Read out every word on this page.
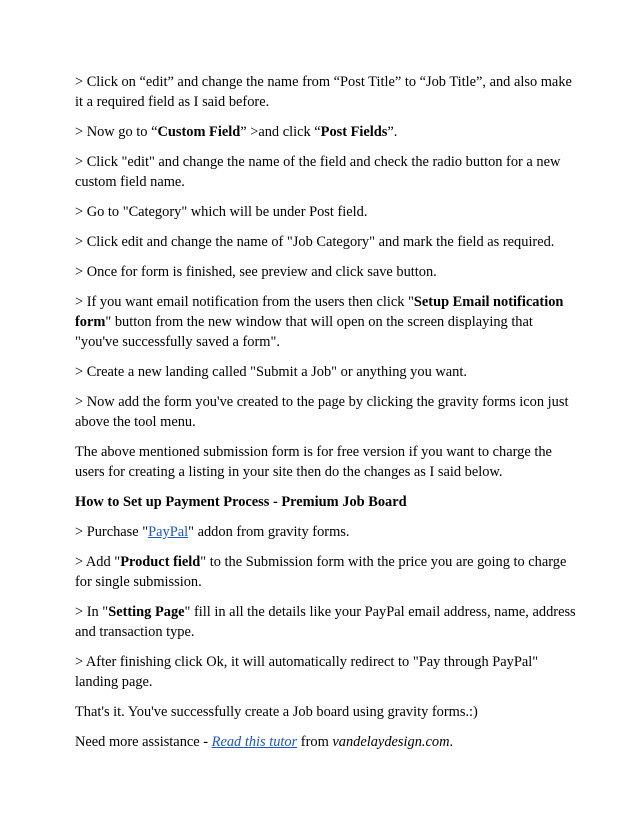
> Click on “edit” and change the name from “Post Title” to “Job Title”, and also make it a required field as I said before.

> Now go to “Custom Field” >and click “Post Fields”.

> Click "edit" and change the name of the field and check the radio button for a new custom field name.

> Go to "Category" which will be under Post field.

> Click edit and change the name of "Job Category" and mark the field as required.

> Once for form is finished, see preview and click save button.

> If you want email notification from the users then click "Setup Email notification form" button from the new window that will open on the screen displaying that "you've successfully saved a form".

> Create a new landing called "Submit a Job" or anything you want.

> Now add the form you've created to the page by clicking the gravity forms icon just above the tool menu.

The above mentioned submission form is for free version if you want to charge the users for creating a listing in your site then do the changes as I said below.

How to Set up Payment Process - Premium Job Board

> Purchase "PayPal" addon from gravity forms.

> Add "Product field" to the Submission form with the price you are going to charge for single submission.

> In "Setting Page" fill in all the details like your PayPal email address, name, address and transaction type.

> After finishing click Ok, it will automatically redirect to "Pay through PayPal" landing page.

That's it. You've successfully create a Job board using gravity forms.:)

Need more assistance - Read this tutor from vandelaydesign.com.
